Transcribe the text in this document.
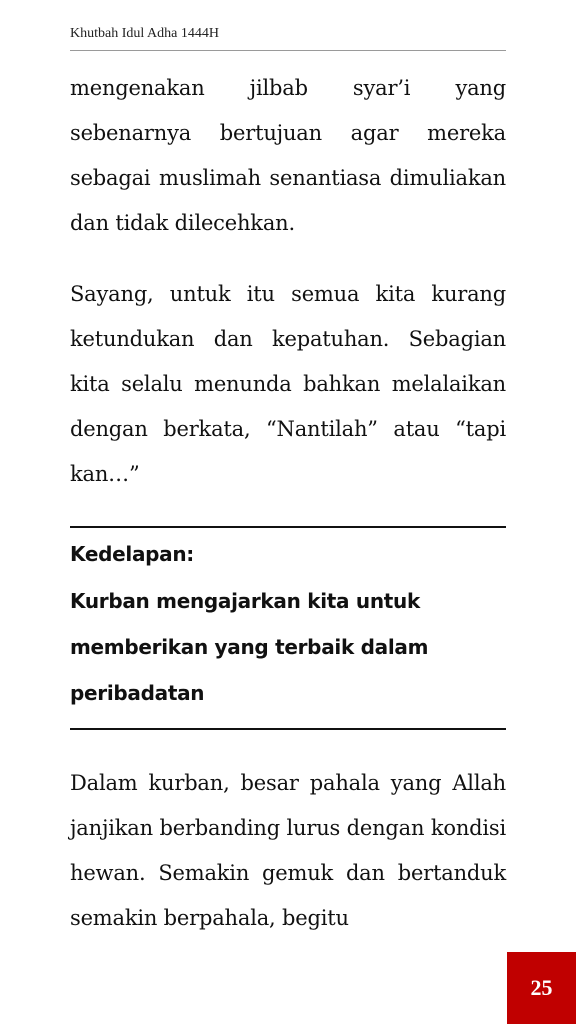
Khutbah Idul Adha 1444H

mengenakan jilbab syar’i yang sebenarnya bertujuan agar mereka sebagai muslimah senantiasa dimuliakan dan tidak dilecehkan.

Sayang, untuk itu semua kita kurang ketundukan dan kepatuhan. Sebagian kita selalu menunda bahkan melalaikan dengan berkata, “Nantilah” atau “tapi kan…”

Kedelapan:
Kurban mengajarkan kita untuk memberikan yang terbaik dalam peribadatan

Dalam kurban, besar pahala yang Allah janjikan berbanding lurus dengan kondisi hewan. Semakin gemuk dan bertanduk semakin berpahala, begitu

25
